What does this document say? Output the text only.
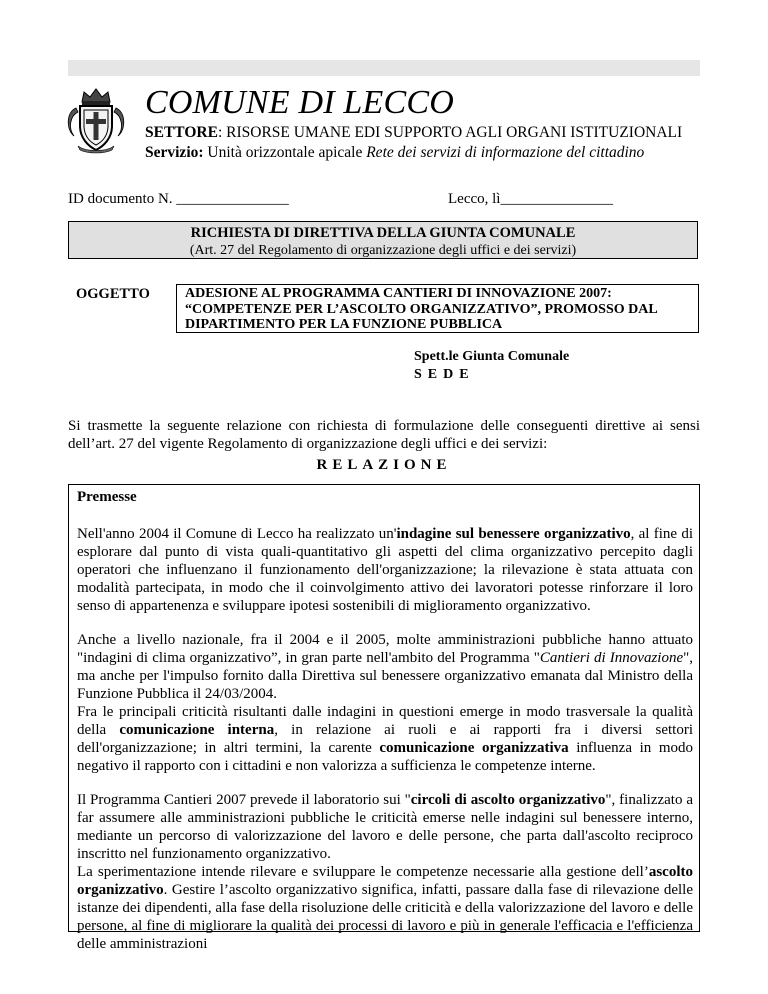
COMUNE DI LECCO
SETTORE: RISORSE UMANE EDI SUPPORTO AGLI ORGANI ISTITUZIONALI
Servizio: Unità orizzontale apicale Rete dei servizi di informazione del cittadino
ID documento N. _______________	Lecco, lì_______________
RICHIESTA DI DIRETTIVA DELLA GIUNTA COMUNALE
(Art. 27 del Regolamento di organizzazione degli uffici e dei servizi)
OGGETTO	ADESIONE AL PROGRAMMA CANTIERI DI INNOVAZIONE 2007:
“COMPETENZE PER L’ASCOLTO ORGANIZZATIVO”, PROMOSSO DAL
DIPARTIMENTO PER LA FUNZIONE PUBBLICA
Spett.le Giunta Comunale
SEDE
Si trasmette la seguente relazione con richiesta di formulazione delle conseguenti direttive ai sensi dell’art. 27 del vigente Regolamento di organizzazione degli uffici e dei servizi:
RELAZIONE
Premesse

Nell'anno 2004 il Comune di Lecco ha realizzato un'indagine sul benessere organizzativo, al fine di esplorare dal punto di vista quali-quantitativo gli aspetti del clima organizzativo percepito dagli operatori che influenzano il funzionamento dell'organizzazione; la rilevazione è stata attuata con modalità partecipata, in modo che il coinvolgimento attivo dei lavoratori potesse rinforzare il loro senso di appartenenza e sviluppare ipotesi sostenibili di miglioramento organizzativo.

Anche a livello nazionale, fra il 2004 e il 2005, molte amministrazioni pubbliche hanno attuato "indagini di clima organizzativo”, in gran parte nell'ambito del Programma "Cantieri di Innovazione", ma anche per l'impulso fornito dalla Direttiva sul benessere organizzativo emanata dal Ministro della Funzione Pubblica il 24/03/2004.

Fra le principali criticità risultanti dalle indagini in questioni emerge in modo trasversale la qualità della comunicazione interna, in relazione ai ruoli e ai rapporti fra i diversi settori dell'organizzazione; in altri termini, la carente comunicazione organizzativa influenza in modo negativo il rapporto con i cittadini e non valorizza a sufficienza le competenze interne.

Il Programma Cantieri 2007 prevede il laboratorio sui "circoli di ascolto organizzativo", finalizzato a far assumere alle amministrazioni pubbliche le criticità emerse nelle indagini sul benessere interno, mediante un percorso di valorizzazione del lavoro e delle persone, che parta dall'ascolto reciproco inscritto nel funzionamento organizzativo.

La sperimentazione intende rilevare e sviluppare le competenze necessarie alla gestione dell’ascolto organizzativo. Gestire l’ascolto organizzativo significa, infatti, passare dalla fase di rilevazione delle istanze dei dipendenti, alla fase della risoluzione delle criticità e della valorizzazione del lavoro e delle persone, al fine di migliorare la qualità dei processi di lavoro e più in generale l'efficacia e l'efficienza delle amministrazioni
